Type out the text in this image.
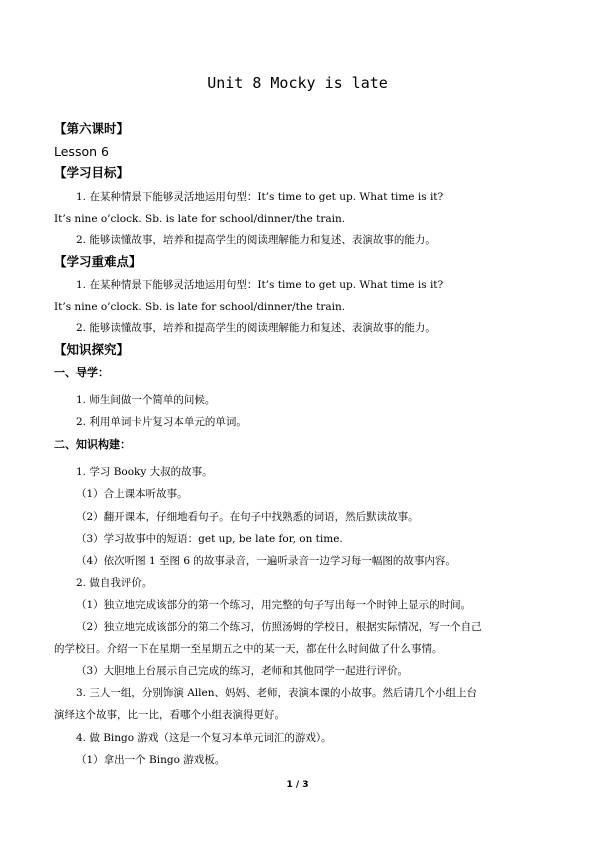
Unit 8 Mocky is late
【第六课时】
Lesson 6
【学习目标】
1. 在某种情景下能够灵活地运用句型：It’s time to get up. What time is it?
It’s nine o’clock. Sb. is late for school/dinner/the train.
2. 能够读懂故事，培养和提高学生的阅读理解能力和复述、表演故事的能力。
【学习重难点】
1. 在某种情景下能够灵活地运用句型：It’s time to get up. What time is it?
It’s nine o’clock. Sb. is late for school/dinner/the train.
2. 能够读懂故事，培养和提高学生的阅读理解能力和复述、表演故事的能力。
【知识探究】
一、导学：
1. 师生间做一个简单的问候。
2. 利用单词卡片复习本单元的单词。
二、知识构建：
1. 学习 Booky 大叔的故事。
（1）合上课本听故事。
（2）翻开课本，仔细地看句子。在句子中找熟悉的词语，然后默读故事。
（3）学习故事中的短语：get up, be late for, on time.
（4）依次听图 1 至图 6 的故事录音，一遍听录音一边学习每一幅图的故事内容。
2. 做自我评价。
（1）独立地完成该部分的第一个练习，用完整的句子写出每一个时钟上显示的时间。
（2）独立地完成该部分的第二个练习，仿照汤姆的学校日，根据实际情况，写一个自己
的学校日。介绍一下在星期一至星期五之中的某一天，都在什么时间做了什么事情。
（3）大胆地上台展示自己完成的练习，老师和其他同学一起进行评价。
3. 三人一组，分别饰演 Allen、妈妈、老师，表演本课的小故事。然后请几个小组上台
演绎这个故事，比一比，看哪个小组表演得更好。
4. 做 Bingo 游戏（这是一个复习本单元词汇的游戏）。
（1）拿出一个 Bingo 游戏板。
1 / 3
